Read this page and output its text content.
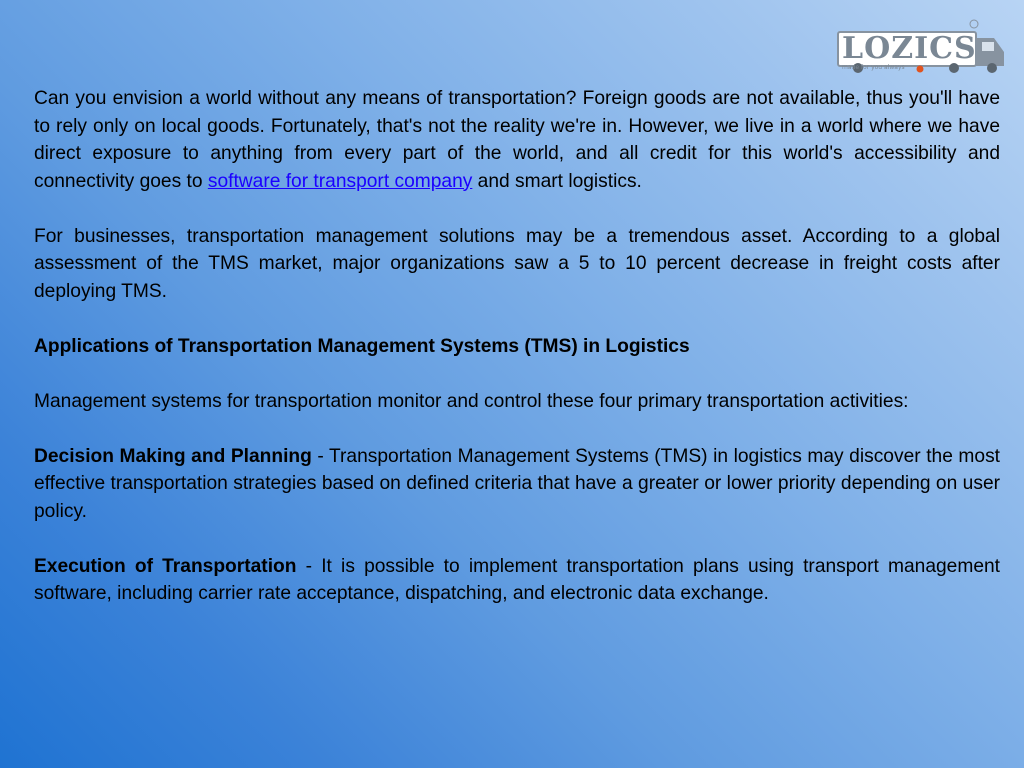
LOZICS
made for you always

Can you envision a world without any means of transportation? Foreign goods are not available, thus you'll have to rely only on local goods. Fortunately, that's not the reality we're in. However, we live in a world where we have direct exposure to anything from every part of the world, and all credit for this world's accessibility and connectivity goes to software for transport company and smart logistics.

For businesses, transportation management solutions may be a tremendous asset. According to a global assessment of the TMS market, major organizations saw a 5 to 10 percent decrease in freight costs after deploying TMS.

Applications of Transportation Management Systems (TMS) in Logistics

Management systems for transportation monitor and control these four primary transportation activities:

Decision Making and Planning - Transportation Management Systems (TMS) in logistics may discover the most effective transportation strategies based on defined criteria that have a greater or lower priority depending on user policy.

Execution of Transportation - It is possible to implement transportation plans using transport management software, including carrier rate acceptance, dispatching, and electronic data exchange.
